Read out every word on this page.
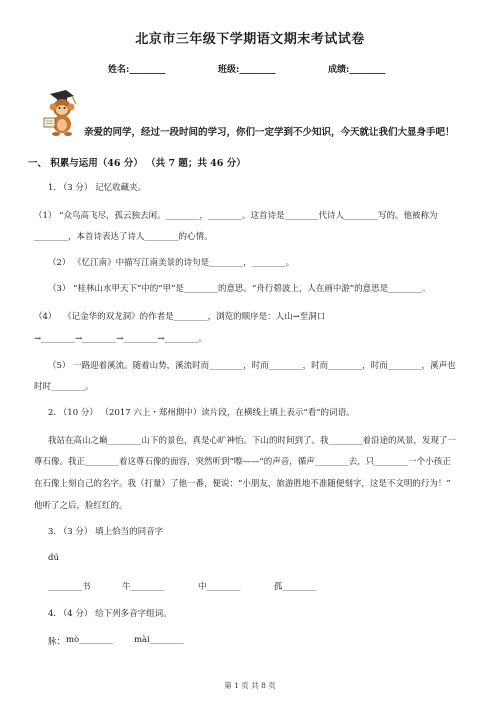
北京市三年级下学期语文期末考试试卷
姓名:________	班级:________	成绩:________
亲爱的同学，经过一段时间的学习，你们一定学到不少知识，今天就让我们大显身手吧！
一、 积累与运用（46 分） （共 7 题；共 46 分）
1. （3 分） 记忆收藏夹。
（1） “众鸟高飞尽，孤云独去闲。________，________。这首诗是________代诗人________写的。他被称为
________，本首诗表达了诗人________的心情。
（2） 《忆江南》中描写江南美景的诗句是________，________。
（3） “桂林山水甲天下”中的“甲”是________的意思。“舟行碧波上，人在画中游”的意思是________。
（4） 《记金华的双龙洞》的作者是________，浏览的顺序是：人山→至洞口
→________→________→________→________。
（5） 一路迎着溪流。随着山势，溪流时而________，时而________，时而________，时而________，溪声也
时时________。
2. （10 分） （2017 六上・郑州期中）读片段，在横线上填上表示“看”的词语。
我站在高山之巅________山下的景色，真是心旷神怡。下山的时间到了。我________着沿途的风景，发现了一
尊石像。我正________着这尊石像的面容，突然听到“嚓——”的声音，循声________去，只________一个小孩正
在石像上刻自己的名字。我（打量）了他一番，便说：“小朋友，旅游胜地不准随便刻字，这是不文明的行为！”
他听了之后，脸红红的。
3. （3 分） 填上恰当的同音字
dú
________书	牛________	中________	孤________
4. （4 分） 给下列多音字组词。
脉： mò________ mài________
第 1 页 共 8 页
